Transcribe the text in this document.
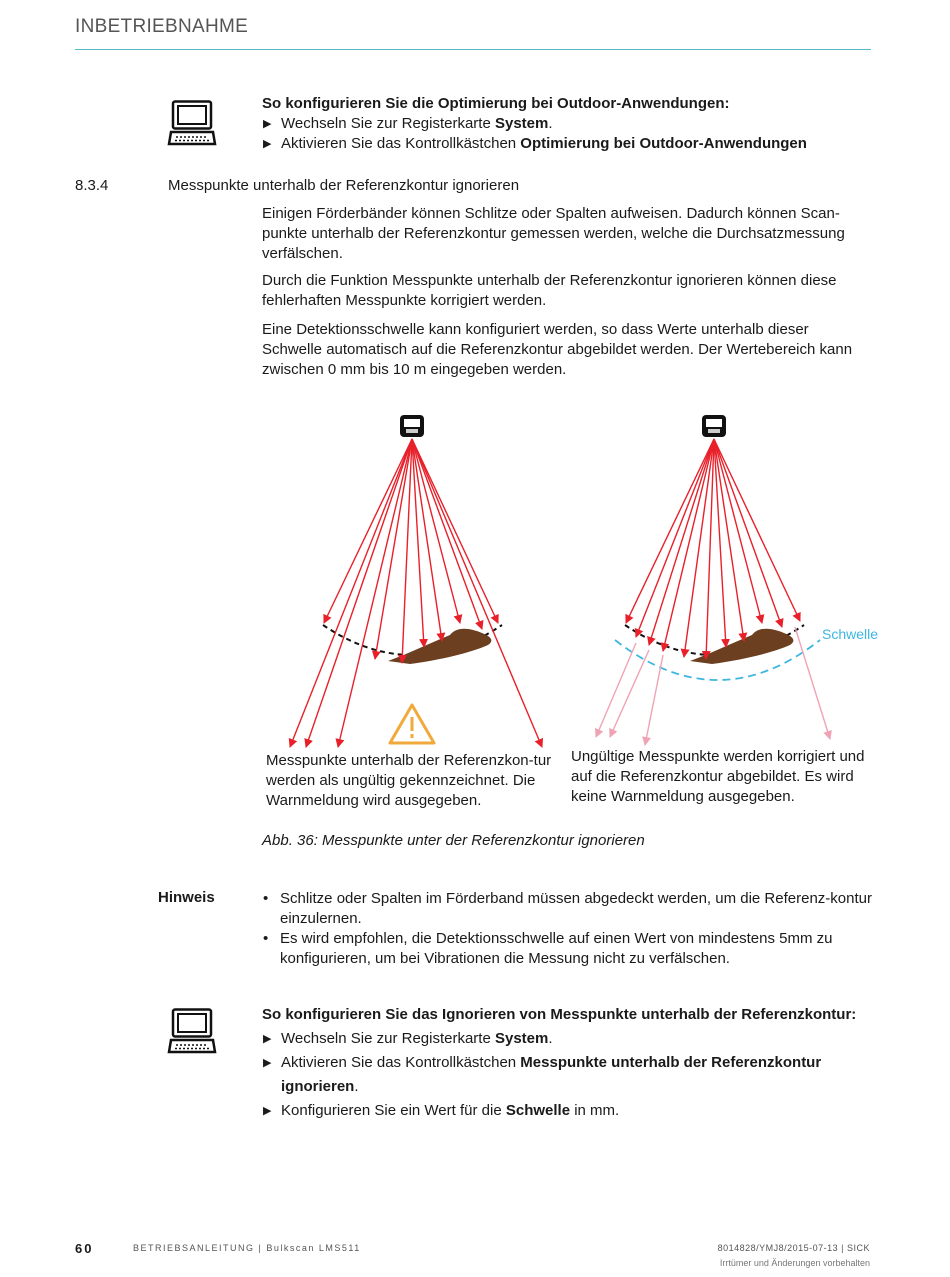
INBETRIEBNAHME
So konfigurieren Sie die Optimierung bei Outdoor-Anwendungen:
▶ Wechseln Sie zur Registerkarte System.
▶ Aktivieren Sie das Kontrollkästchen Optimierung bei Outdoor-Anwendungen
8.3.4	Messpunkte unterhalb der Referenzkontur ignorieren
Einigen Förderbänder können Schlitze oder Spalten aufweisen. Dadurch können Scan-punkte unterhalb der Referenzkontur gemessen werden, welche die Durchsatzmessung verfälschen.
Durch die Funktion Messpunkte unterhalb der Referenzkontur ignorieren können diese fehlerhaften Messpunkte korrigiert werden.
Eine Detektionsschwelle kann konfiguriert werden, so dass Werte unterhalb dieser Schwelle automatisch auf die Referenzkontur abgebildet werden. Der Wertebereich kann zwischen 0 mm bis 10 m eingegeben werden.
Schwelle
Messpunkte unterhalb der Referenzkon-tur werden als ungültig gekennzeichnet. Die Warnmeldung wird ausgegeben.
Ungültige Messpunkte werden korrigiert und auf die Referenzkontur abgebildet. Es wird keine Warnmeldung ausgegeben.
Abb. 36: Messpunkte unter der Referenzkontur ignorieren
Hinweis	• Schlitze oder Spalten im Förderband müssen abgedeckt werden, um die Referenz-kontur einzulernen.
• Es wird empfohlen, die Detektionsschwelle auf einen Wert von mindestens 5mm zu konfigurieren, um bei Vibrationen die Messung nicht zu verfälschen.
So konfigurieren Sie das Ignorieren von Messpunkte unterhalb der Referenzkontur:
▶ Wechseln Sie zur Registerkarte System.
▶ Aktivieren Sie das Kontrollkästchen Messpunkte unterhalb der Referenzkontur ignorieren.
▶ Konfigurieren Sie ein Wert für die Schwelle in mm.
60	BETRIEBSANLEITUNG | Bulkscan LMS511	8014828/YMJ8/2015-07-13 | SICK
Irrtümer und Änderungen vorbehalten
